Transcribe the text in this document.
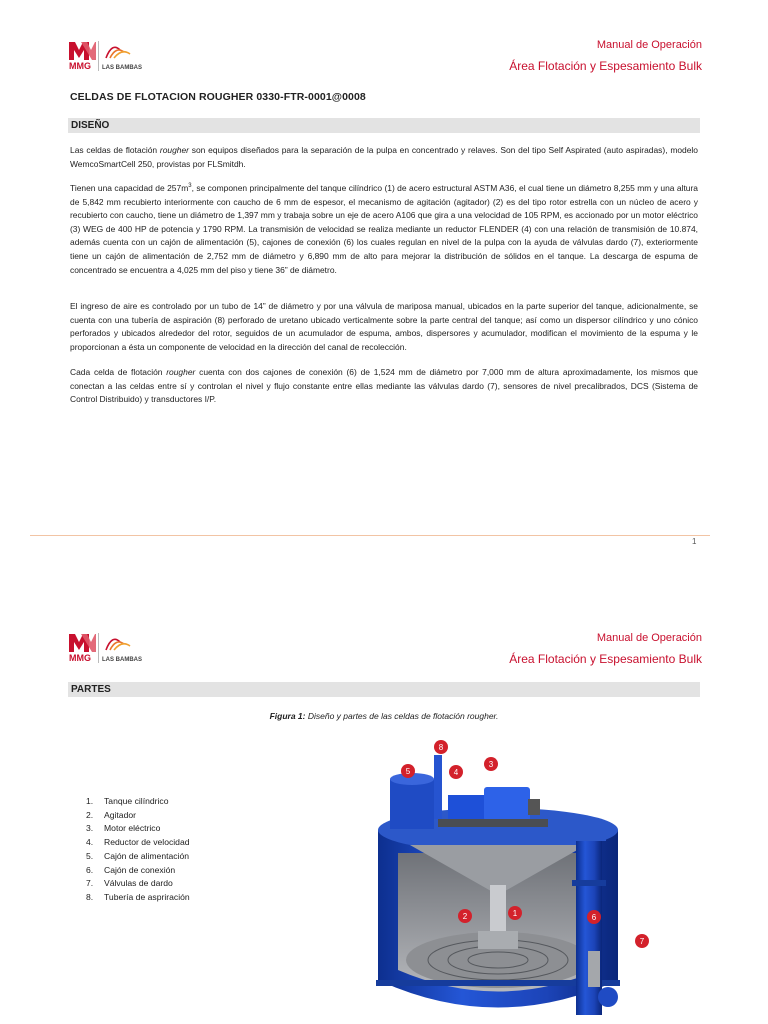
MMG LAS BAMBAS
Manual de Operación
Área Flotación y Espesamiento Bulk
CELDAS DE FLOTACION ROUGHER 0330-FTR-0001@0008
DISEÑO
Las celdas de flotación rougher son equipos diseñados para la separación de la pulpa en concentrado y relaves. Son del tipo Self Aspirated (auto aspiradas), modelo WemcoSmartCell 250, provistas por FLSmitdh.
Tienen una capacidad de $257m^3$, se componen principalmente del tanque cilíndrico (1) de acero estructural ASTM A36, el cual tiene un diámetro 8,255 mm y una altura de 5,842 mm recubierto interiormente con caucho de 6 mm de espesor, el mecanismo de agitación (agitador) (2) es del tipo rotor estrella con un núcleo de acero y recubierto con caucho, tiene un diámetro de 1,397 mm y trabaja sobre un eje de acero A106 que gira a una velocidad de 105 RPM, es accionado por un motor eléctrico (3) WEG de 400 HP de potencia y 1790 RPM. La transmisión de velocidad se realiza mediante un reductor FLENDER (4) con una relación de transmisión de 10.874, además cuenta con un cajón de alimentación (5), cajones de conexión (6) los cuales regulan en nivel de la pulpa con la ayuda de válvulas dardo (7), exteriormente tiene un cajón de alimentación de 2,752 mm de diámetro y 6,890 mm de alto para mejorar la distribución de sólidos en el tanque. La descarga de espuma de concentrado se encuentra a 4,025 mm del piso y tiene 36” de diámetro.
El ingreso de aire es controlado por un tubo de 14” de diámetro y por una válvula de mariposa manual, ubicados en la parte superior del tanque, adicionalmente, se cuenta con una tubería de aspiración (8) perforado de uretano ubicado verticalmente sobre la parte central del tanque; así como un dispersor cilíndrico y uno cónico perforados y ubicados alrededor del rotor, seguidos de un acumulador de espuma, ambos, dispersores y acumulador, modifican el movimiento de la espuma y le proporcionan a ésta un componente de velocidad en la dirección del canal de recolección.
Cada celda de flotación rougher cuenta con dos cajones de conexión (6) de 1,524 mm de diámetro por 7,000 mm de altura aproximadamente, los mismos que conectan a las celdas entre sí y controlan el nivel y flujo constante entre ellas mediante las válvulas dardo (7), sensores de nivel precalibrados, DCS (Sistema de Control Distribuido) y transductores I/P.
1
MMG LAS BAMBAS
Manual de Operación
Área Flotación y Espesamiento Bulk
PARTES
Figura 1: Diseño y partes de las celdas de flotación rougher.
1.	Tanque cilíndrico
2.	Agitador
3.	Motor eléctrico
4.	Reductor de velocidad
5.	Cajón de alimentación
6.	Cajón de conexión
7.	Válvulas de dardo
8.	Tubería de aspriración
8
5	4
3
1
2	6
7
